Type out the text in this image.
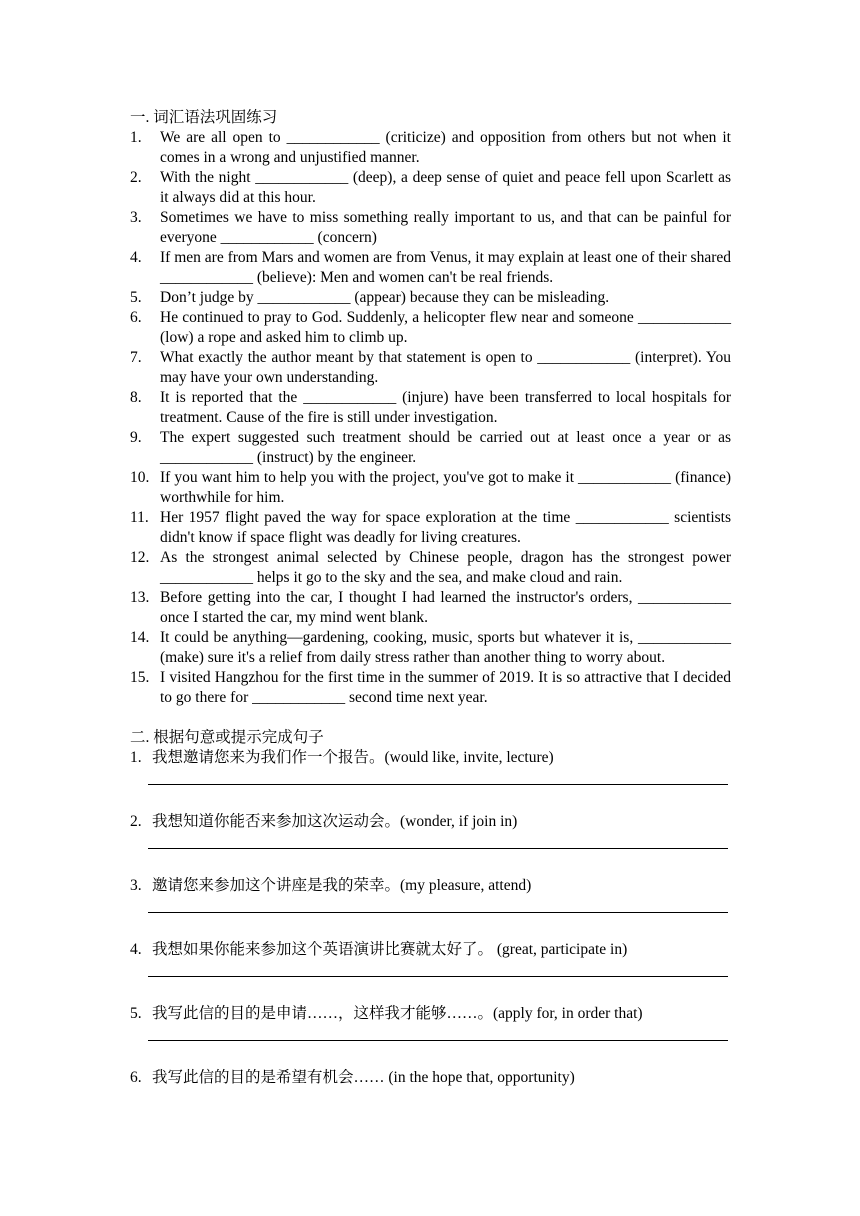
一. 词汇语法巩固练习
1. We are all open to ____________ (criticize) and opposition from others but not when it comes in a wrong and unjustified manner.
2. With the night ____________ (deep), a deep sense of quiet and peace fell upon Scarlett as it always did at this hour.
3. Sometimes we have to miss something really important to us, and that can be painful for everyone ____________ (concern)
4. If men are from Mars and women are from Venus, it may explain at least one of their shared ____________ (believe): Men and women can't be real friends.
5. Don’t judge by ____________ (appear) because they can be misleading.
6. He continued to pray to God. Suddenly, a helicopter flew near and someone ____________ (low) a rope and asked him to climb up.
7. What exactly the author meant by that statement is open to ____________ (interpret). You may have your own understanding.
8. It is reported that the ____________ (injure) have been transferred to local hospitals for treatment. Cause of the fire is still under investigation.
9. The expert suggested such treatment should be carried out at least once a year or as ____________ (instruct) by the engineer.
10. If you want him to help you with the project, you've got to make it ____________ (finance) worthwhile for him.
11. Her 1957 flight paved the way for space exploration at the time ____________ scientists didn't know if space flight was deadly for living creatures.
12. As the strongest animal selected by Chinese people, dragon has the strongest power ____________ helps it go to the sky and the sea, and make cloud and rain.
13. Before getting into the car, I thought I had learned the instructor's orders, ____________ once I started the car, my mind went blank.
14. It could be anything—gardening, cooking, music, sports but whatever it is, ____________ (make) sure it's a relief from daily stress rather than another thing to worry about.
15. I visited Hangzhou for the first time in the summer of 2019. It is so attractive that I decided to go there for ____________ second time next year.
二. 根据句意或提示完成句子
1. 我想邀请您来为我们作一个报告。(would like, invite, lecture)
2. 我想知道你能否来参加这次运动会。(wonder, if join in)
3. 邀请您来参加这个讲座是我的荣幸。(my pleasure, attend)
4. 我想如果你能来参加这个英语演讲比赛就太好了。 (great, participate in)
5. 我写此信的目的是申请……，这样我才能够……。(apply for, in order that)
6. 我写此信的目的是希望有机会…… (in the hope that, opportunity)
